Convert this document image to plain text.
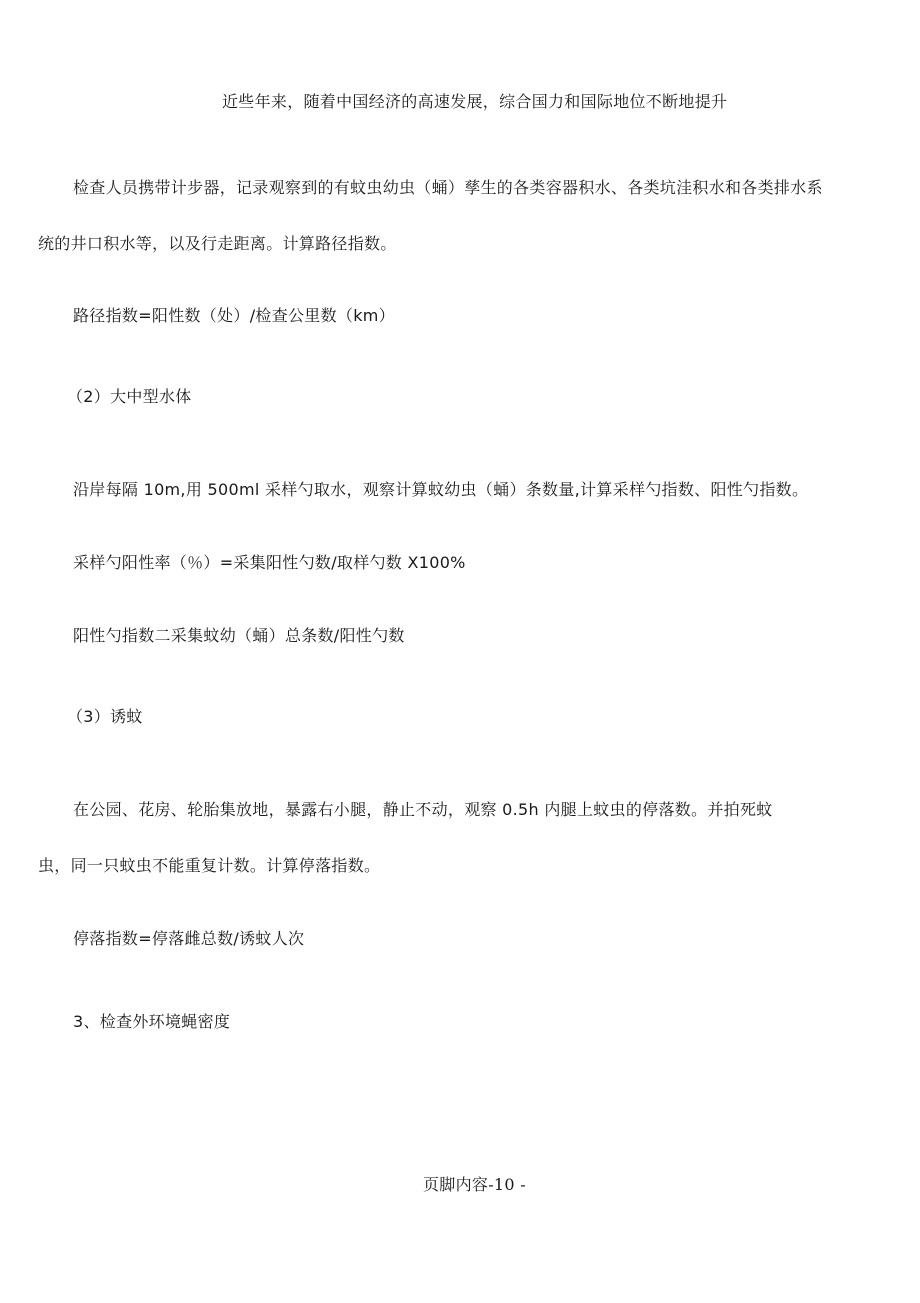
近些年来，随着中国经济的高速发展，综合国力和国际地位不断地提升
检查人员携带计步器，记录观察到的有蚊虫幼虫（蛹）孳生的各类容器积水、各类坑洼积水和各类排水系
统的井口积水等，以及行走距离。计算路径指数。
路径指数=阳性数（处）/检查公里数（km）
（2）大中型水体
沿岸每隔 10m,用 500ml 采样勺取水，观察计算蚊幼虫（蛹）条数量,计算采样勺指数、阳性勺指数。
采样勺阳性率（％）=采集阳性勺数/取样勺数 X100%
阳性勺指数二采集蚊幼（蛹）总条数/阳性勺数
（3）诱蚊
在公园、花房、轮胎集放地，暴露右小腿，静止不动，观察 0.5h 内腿上蚊虫的停落数。并拍死蚊
虫，同一只蚊虫不能重复计数。计算停落指数。
停落指数=停落雌总数/诱蚊人次
3、检查外环境蝇密度
页脚内容-10 -
